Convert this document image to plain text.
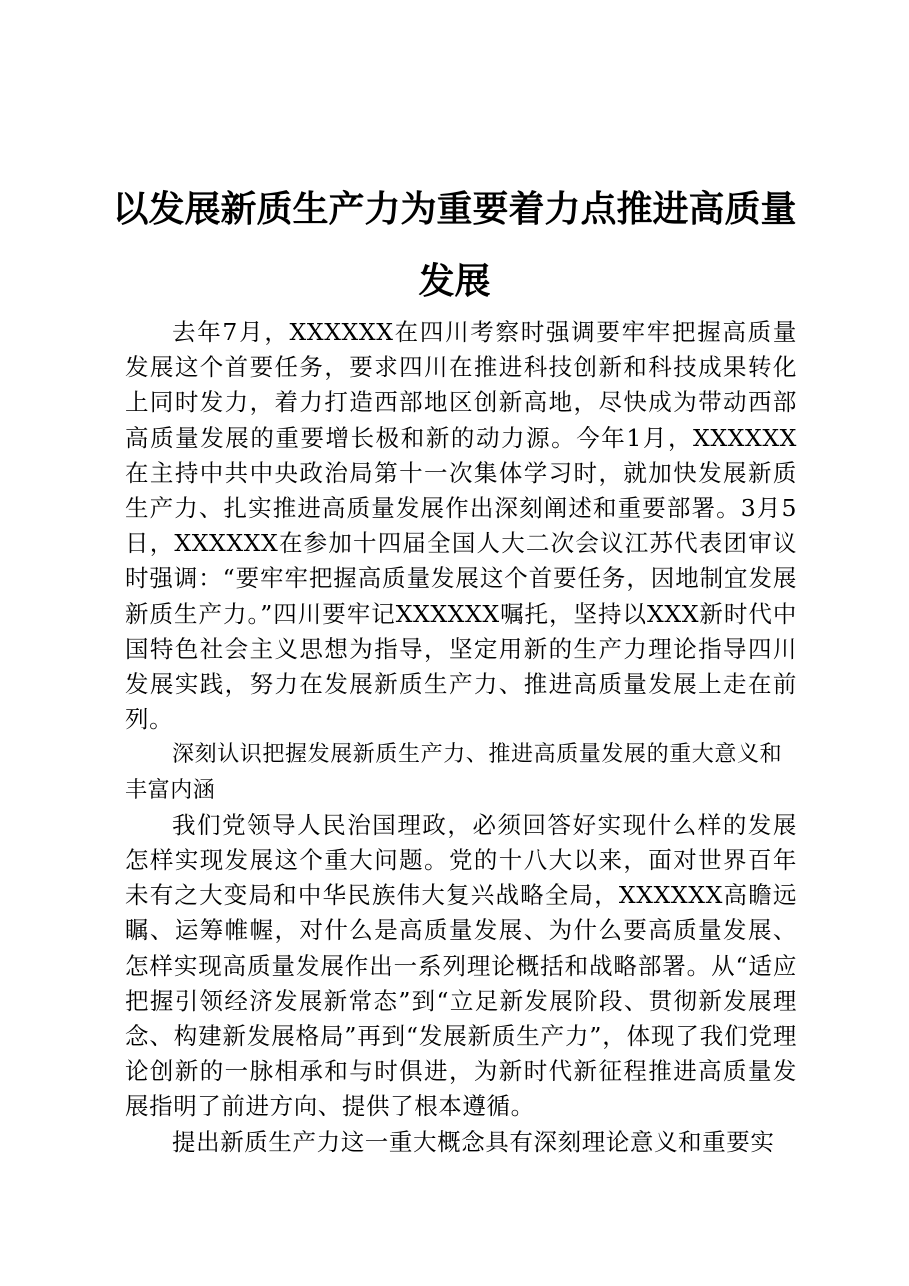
以发展新质生产力为重要着力点推进高质量发展

去年7月，XXXXXX在四川考察时强调要牢牢把握高质量发展这个首要任务，要求四川在推进科技创新和科技成果转化上同时发力，着力打造西部地区创新高地，尽快成为带动西部高质量发展的重要增长极和新的动力源。今年1月，XXXXXX在主持中共中央政治局第十一次集体学习时，就加快发展新质生产力、扎实推进高质量发展作出深刻阐述和重要部署。3月5日，XXXXXX在参加十四届全国人大二次会议江苏代表团审议时强调：“要牢牢把握高质量发展这个首要任务，因地制宜发展新质生产力。”四川要牢记XXXXXX嘱托，坚持以XXX新时代中国特色社会主义思想为指导，坚定用新的生产力理论指导四川发展实践，努力在发展新质生产力、推进高质量发展上走在前列。

深刻认识把握发展新质生产力、推进高质量发展的重大意义和丰富内涵

我们党领导人民治国理政，必须回答好实现什么样的发展怎样实现发展这个重大问题。党的十八大以来，面对世界百年未有之大变局和中华民族伟大复兴战略全局，XXXXXX高瞻远瞩、运筹帷幄，对什么是高质量发展、为什么要高质量发展、怎样实现高质量发展作出一系列理论概括和战略部署。从“适应把握引领经济发展新常态”到“立足新发展阶段、贯彻新发展理念、构建新发展格局”再到“发展新质生产力”，体现了我们党理论创新的一脉相承和与时俱进，为新时代新征程推进高质量发展指明了前进方向、提供了根本遵循。

提出新质生产力这一重大概念具有深刻理论意义和重要实
